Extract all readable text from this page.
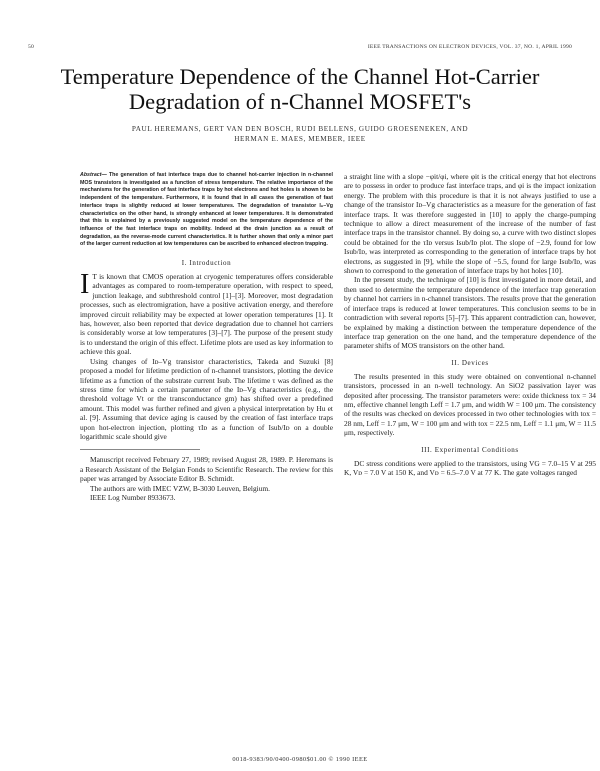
50	IEEE TRANSACTIONS ON ELECTRON DEVICES, VOL. 37, NO. 1, APRIL 1990
Temperature Dependence of the Channel Hot-Carrier
Degradation of n-Channel MOSFET's
PAUL HEREMANS, GERT VAN DEN BOSCH, RUDI BELLENS, GUIDO GROESENEKEN, AND
HERMAN E. MAES, MEMBER, IEEE
Abstract— The generation of fast interface traps due to channel hot-carrier injection in n-channel MOS transistors is investigated as a function of stress temperature. The relative importance of the mechanisms for the generation of fast interface traps by hot electrons and hot holes is shown to be independent of the temperature. Furthermore, it is found that in all cases the generation of fast interface traps is slightly reduced at lower temperatures. The degradation of transistor Iₙ–Vg characteristics on the other hand, is strongly enhanced at lower temperatures. It is demonstrated that this is explained by a previously suggested model on the temperature dependence of the influence of the fast interface traps on mobility. Indeed at the drain junction as a result of degradation, as the reverse-mode current characteristics. It is further shown that only a minor part of the larger current reduction at low temperatures can be ascribed to enhanced electron trapping.
I. Introduction

I T is known that CMOS operation at cryogenic temperatures offers considerable advantages as compared to room-temperature operation, with respect to speed, junction leakage, and subthreshold control [1]–[3]. Moreover, most degradation processes, such as electromigration, have a positive activation energy, and therefore improved circuit reliability may be expected at lower operation temperatures [1]. It has, however, also been reported that device degradation due to channel hot carriers is considerably worse at low temperatures [3]–[7]. The purpose of the present study is to understand the origin of this effect. Lifetime plots are used as key information to achieve this goal.

Using changes of Iᴅ–Vg transistor characteristics, Takeda and Suzuki [8] proposed a model for lifetime prediction of n-channel transistors, plotting the device lifetime as a function of the substrate current Isub. The lifetime τ was defined as the stress time for which a certain parameter of the Iᴅ–Vg characteristics (e.g., the threshold voltage Vt or the transconductance gm) has shifted over a predefined amount. This model was further refined and given a physical interpretation by Hu et al. [9]. Assuming that device aging is caused by the creation of fast interface traps upon hot-electron injection, plotting τIᴅ as a function of Isub/Iᴅ on a double logarithmic scale should give

Manuscript received February 27, 1989; revised August 28, 1989. P. Heremans is a Research Assistant of the Belgian Fonds to Scientific Research. The review for this paper was arranged by Associate Editor B. Schmidt.

The authors are with IMEC VZW, B-3030 Leuven, Belgium.

IEEE Log Number 8933673.

a straight line with a slope −φit/φi, where φit is the critical energy that hot electrons are to possess in order to produce fast interface traps, and φi is the impact ionization energy. The problem with this procedure is that it is not always justified to use a change of the transistor Iᴅ–Vg characteristics as a measure for the generation of fast interface traps. It was therefore suggested in [10] to apply the charge-pumping technique to allow a direct measurement of the increase of the number of fast interface traps in the transistor channel. By doing so, a curve with two distinct slopes could be obtained for the τIᴅ versus Isub/Iᴅ plot. The slope of −2.9, found for low Isub/Iᴅ, was interpreted as corresponding to the generation of interface traps by hot electrons, as suggested in [9], while the slope of −5.5, found for large Isub/Iᴅ, was shown to correspond to the generation of interface traps by hot holes [10].

In the present study, the technique of [10] is first investigated in more detail, and then used to determine the temperature dependence of the interface trap generation by channel hot carriers in n-channel transistors. The results prove that the generation of interface traps is reduced at lower temperatures. This conclusion seems to be in contradiction with several reports [5]–[7]. This apparent contradiction can, however, be explained by making a distinction between the temperature dependence of the interface trap generation on the one hand, and the temperature dependence of the parameter shifts of MOS transistors on the other hand.

II. Devices

The results presented in this study were obtained on conventional n-channel transistors, processed in an n-well technology. An SiO2 passivation layer was deposited after processing. The transistor parameters were: oxide thickness tox = 34 nm, effective channel length Leff = 1.7 μm, and width W = 100 μm. The consistency of the results was checked on devices processed in two other technologies with tox = 28 nm, Leff = 1.7 μm, W = 100 μm and with tox = 22.5 nm, Leff = 1.1 μm, W = 11.5 μm, respectively.

III. Experimental Conditions

DC stress conditions were applied to the transistors, using VG = 7.0–15 V at 295 K, Vᴅ = 7.0 V at 150 K, and Vᴅ = 6.5–7.0 V at 77 K. The gate voltages ranged

0018-9383/90/0400-0980$01.00 © 1990 IEEE
